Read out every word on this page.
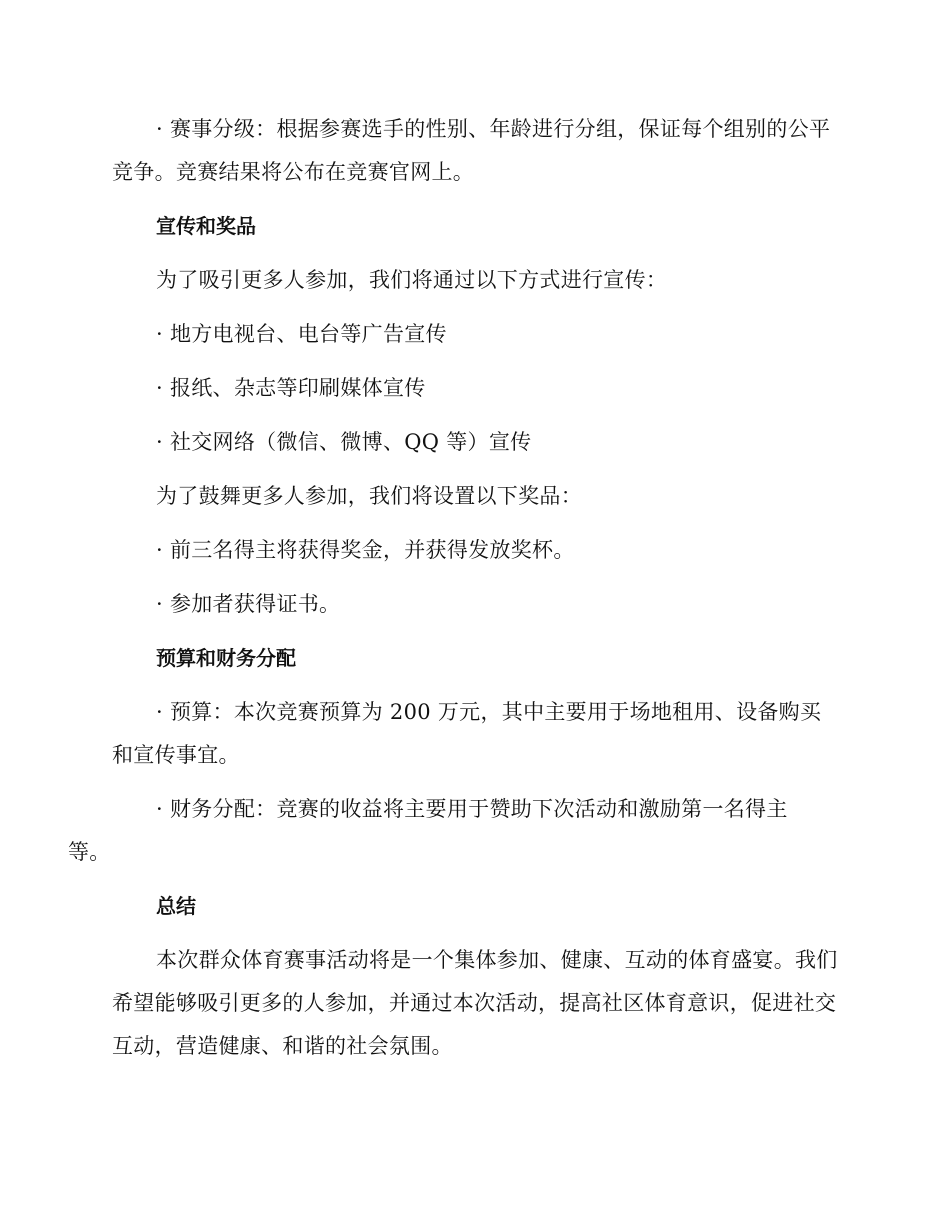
· 赛事分级：根据参赛选手的性别、年龄进行分组，保证每个组别的公平竞争。竞赛结果将公布在竞赛官网上。

宣传和奖品

为了吸引更多人参加，我们将通过以下方式进行宣传：

· 地方电视台、电台等广告宣传

· 报纸、杂志等印刷媒体宣传

· 社交网络（微信、微博、QQ 等）宣传

为了鼓舞更多人参加，我们将设置以下奖品：

· 前三名得主将获得奖金，并获得发放奖杯。

· 参加者获得证书。

预算和财务分配

· 预算：本次竞赛预算为 200 万元，其中主要用于场地租用、设备购买和宣传事宜。

· 财务分配：竞赛的收益将主要用于赞助下次活动和激励第一名得主
等。

总结

本次群众体育赛事活动将是一个集体参加、健康、互动的体育盛宴。我们希望能够吸引更多的人参加，并通过本次活动，提高社区体育意识，促进社交互动，营造健康、和谐的社会氛围。
